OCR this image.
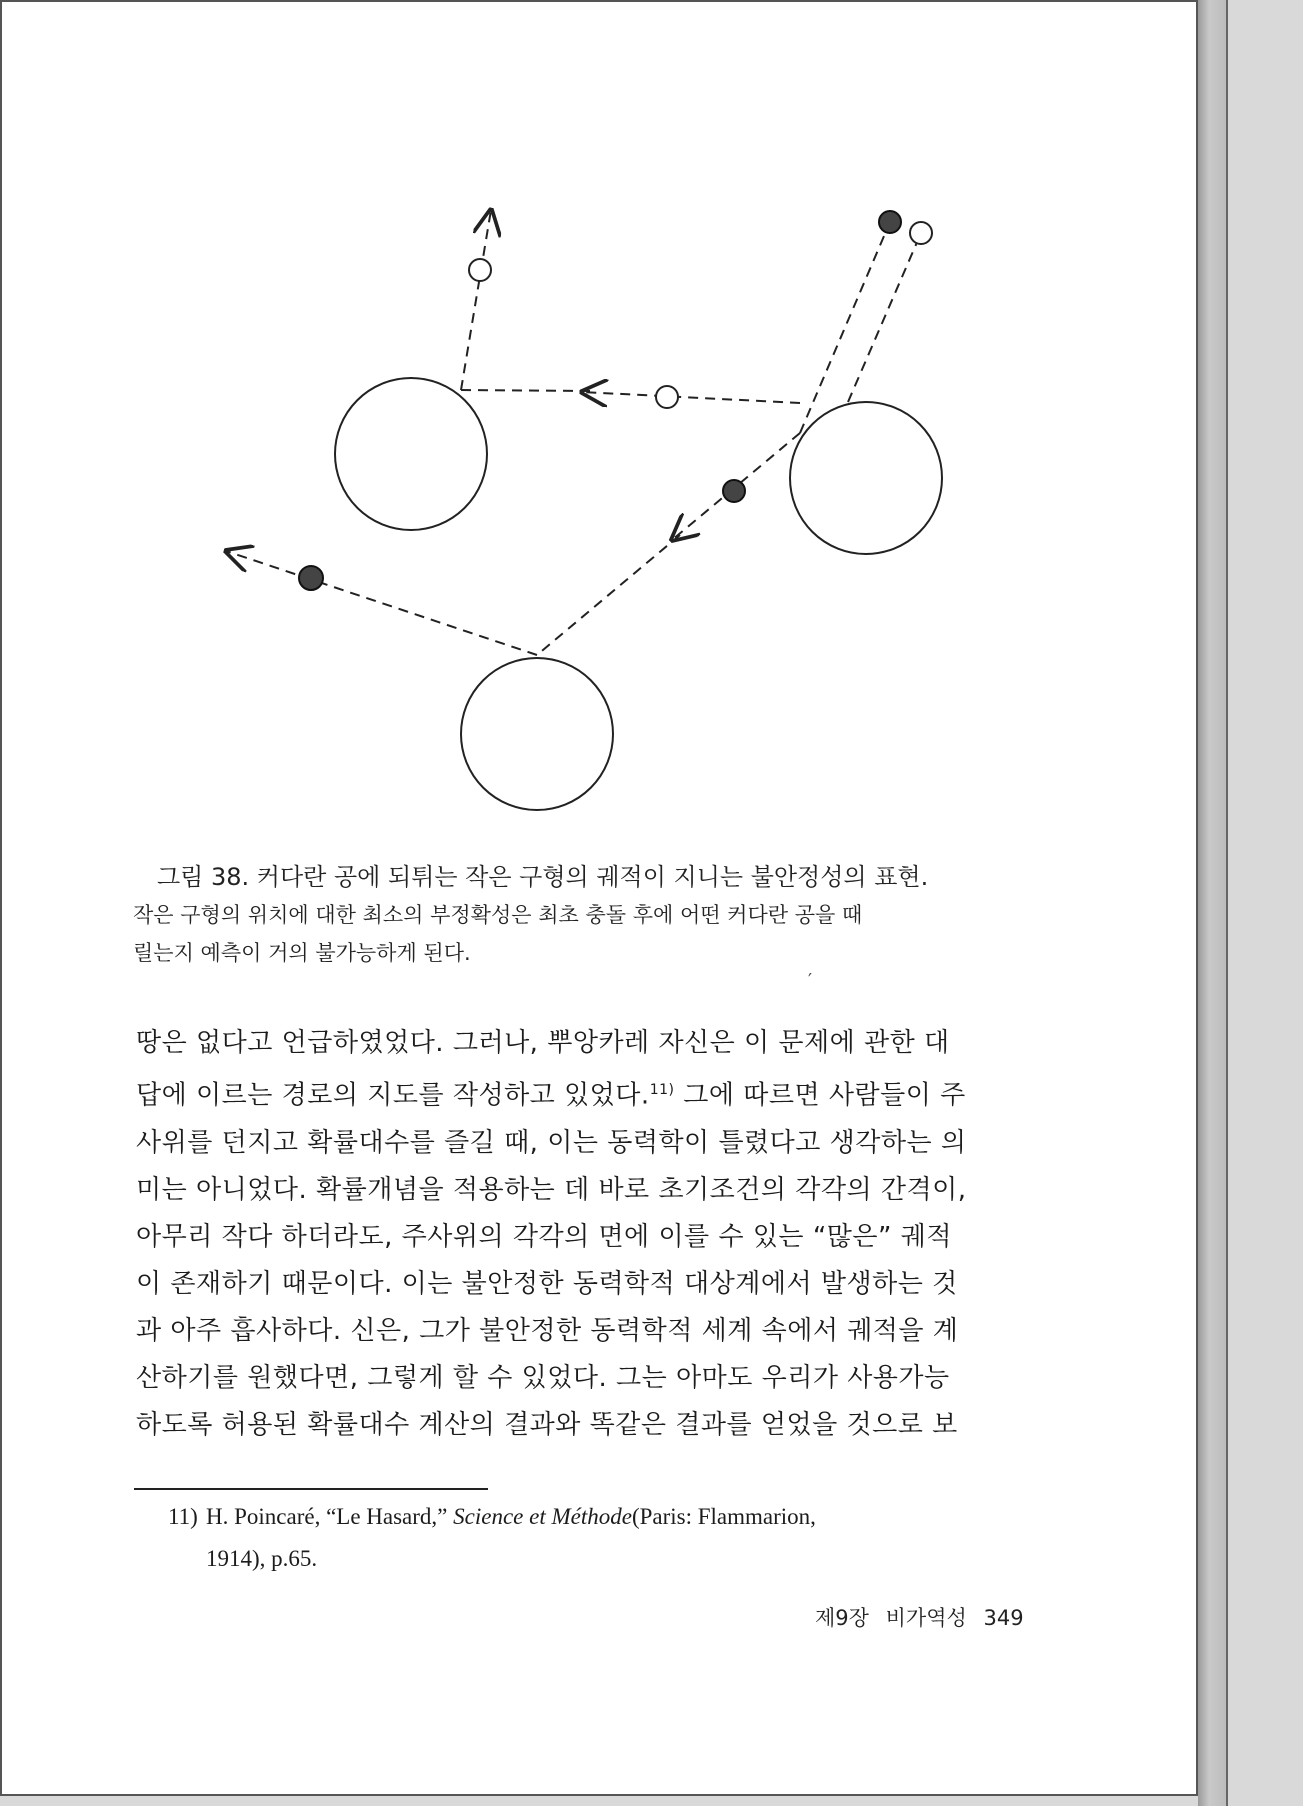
그림 38. 커다란 공에 되튀는 작은 구형의 궤적이 지니는 불안정성의 표현.
작은 구형의 위치에 대한 최소의 부정확성은 최초 충돌 후에 어떤 커다란 공을 때
릴는지 예측이 거의 불가능하게 된다.
′

땅은 없다고 언급하였었다. 그러나, 뿌앙카레 자신은 이 문제에 관한 대

답에 이르는 경로의 지도를 작성하고 있었다.$^{11)}$ 그에 따르면 사람들이 주

사위를 던지고 확률대수를 즐길 때, 이는 동력학이 틀렸다고 생각하는 의

미는 아니었다. 확률개념을 적용하는 데 바로 초기조건의 각각의 간격이,

아무리 작다 하더라도, 주사위의 각각의 면에 이를 수 있는 “많은” 궤적

이 존재하기 때문이다. 이는 불안정한 동력학적 대상계에서 발생하는 것

과 아주 흡사하다. 신은, 그가 불안정한 동력학적 세계 속에서 궤적을 계

산하기를 원했다면, 그렇게 할 수 있었다. 그는 아마도 우리가 사용가능

하도록 허용된 확률대수 계산의 결과와 똑같은 결과를 얻었을 것으로 보

11) H. Poincaré, “Le Hasard,” Science et Méthode(Paris: Flammarion,
1914), p.65.
제9장 비가역성 349
